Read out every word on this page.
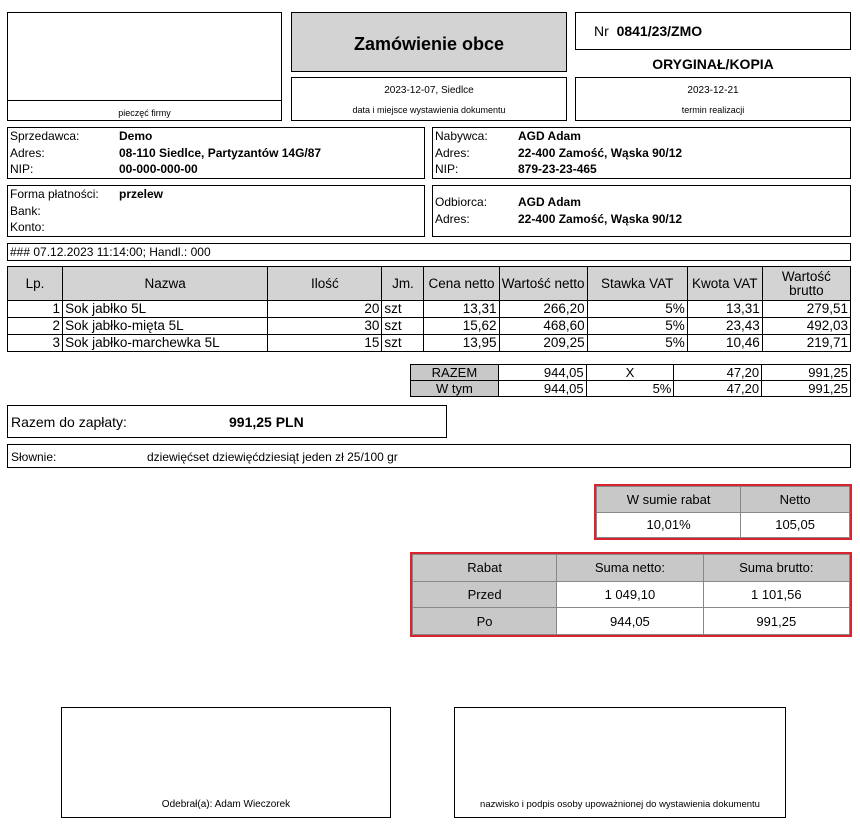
pieczęć firmy
Zamówienie obce
2023-12-07, Siedlce
data i miejsce wystawienia dokumentu
Nr 0841/23/ZMO
ORYGINAŁ/KOPIA
2023-12-21
termin realizacji
Sprzedawca:	Demo
Adres:	08-110 Siedlce, Partyzantów 14G/87
NIP:	00-000-000-00
Nabywca:	AGD Adam
Adres:	22-400 Zamość, Wąska 90/12
NIP:	879-23-23-465
Forma płatności: przelew
Bank:
Konto:
Odbiorca:	AGD Adam
Adres:	22-400 Zamość, Wąska 90/12
### 07.12.2023 11:14:00; Handl.: 000
Lp.	Nazwa	Ilość	Jm.	Cena netto	Wartość netto	Stawka VAT	Kwota VAT	Wartość brutto
1	Sok jabłko 5L	20	szt	13,31	266,20	5%	13,31	279,51
2	Sok jabłko-mięta 5L	30	szt	15,62	468,60	5%	23,43	492,03
3	Sok jabłko-marchewka 5L	15	szt	13,95	209,25	5%	10,46	219,71
RAZEM	944,05	X	47,20	991,25
W tym	944,05	5%	47,20	991,25
Razem do zapłaty:	991,25 PLN
Słownie:	dziewięćset dziewięćdziesiąt jeden zł 25/100 gr
W sumie rabat	Netto
10,01%	105,05
Rabat	Suma netto:	Suma brutto:
Przed	1 049,10	1 101,56
Po	944,05	991,25
Odebrał(a): Adam Wieczorek	nazwisko i podpis osoby upoważnionej do wystawienia dokumentu
